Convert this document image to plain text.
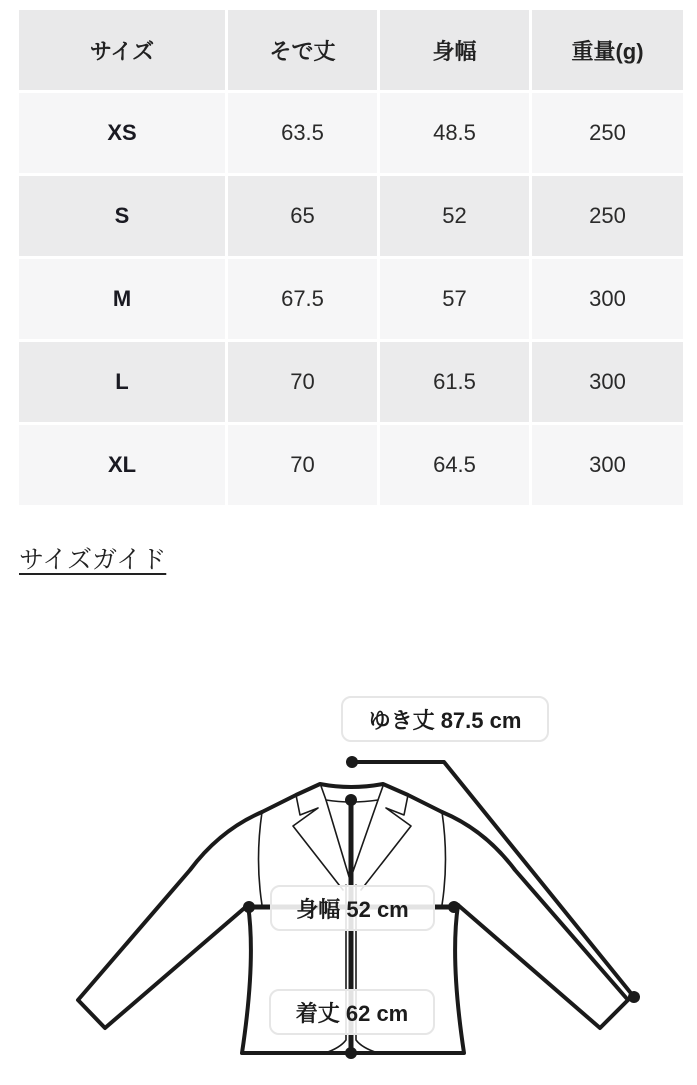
サイズ	そで丈	身幅	重量(g)
XS	63.5	48.5	250
S	65	52	250
M	67.5	57	300
L	70	61.5	300
XL	70	64.5	300
サイズガイド
ゆき丈 87.5 cm
身幅 52 cm
着丈 62 cm
